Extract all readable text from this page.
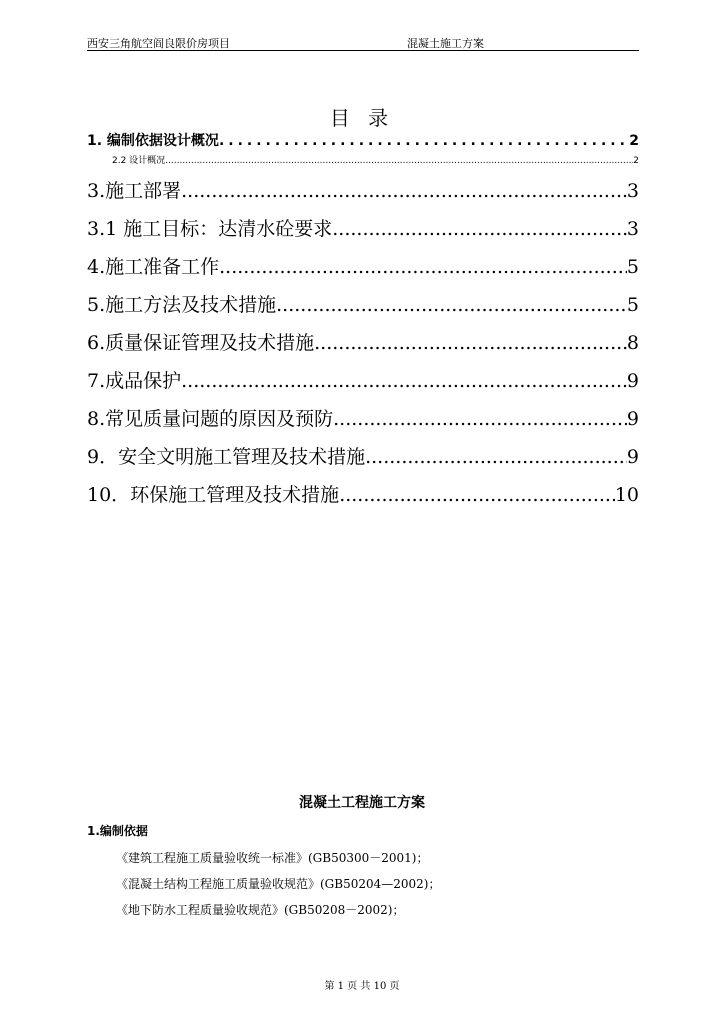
西安三角航空阎良限价房项目	混凝土施工方案
目 录
1. 编制依据设计概况 .....	2
2.2 设计概况 .....	2
3.施工部署 .....	3
3.1 施工目标：达清水砼要求 .....	3
4.施工准备工作 .....	5
5.施工方法及技术措施 .....	5
6.质量保证管理及技术措施 .....	8
7.成品保护 .....	9
8.常见质量问题的原因及预防 .....	9
9．安全文明施工管理及技术措施 .....	9
10．环保施工管理及技术措施 .....	10
混凝土工程施工方案
1.编制依据
《建筑工程施工质量验收统一标准》(GB50300－2001)；
《混凝土结构工程施工质量验收规范》(GB50204—2002)；
《地下防水工程质量验收规范》(GB50208－2002)；
第 1 页 共 10 页
